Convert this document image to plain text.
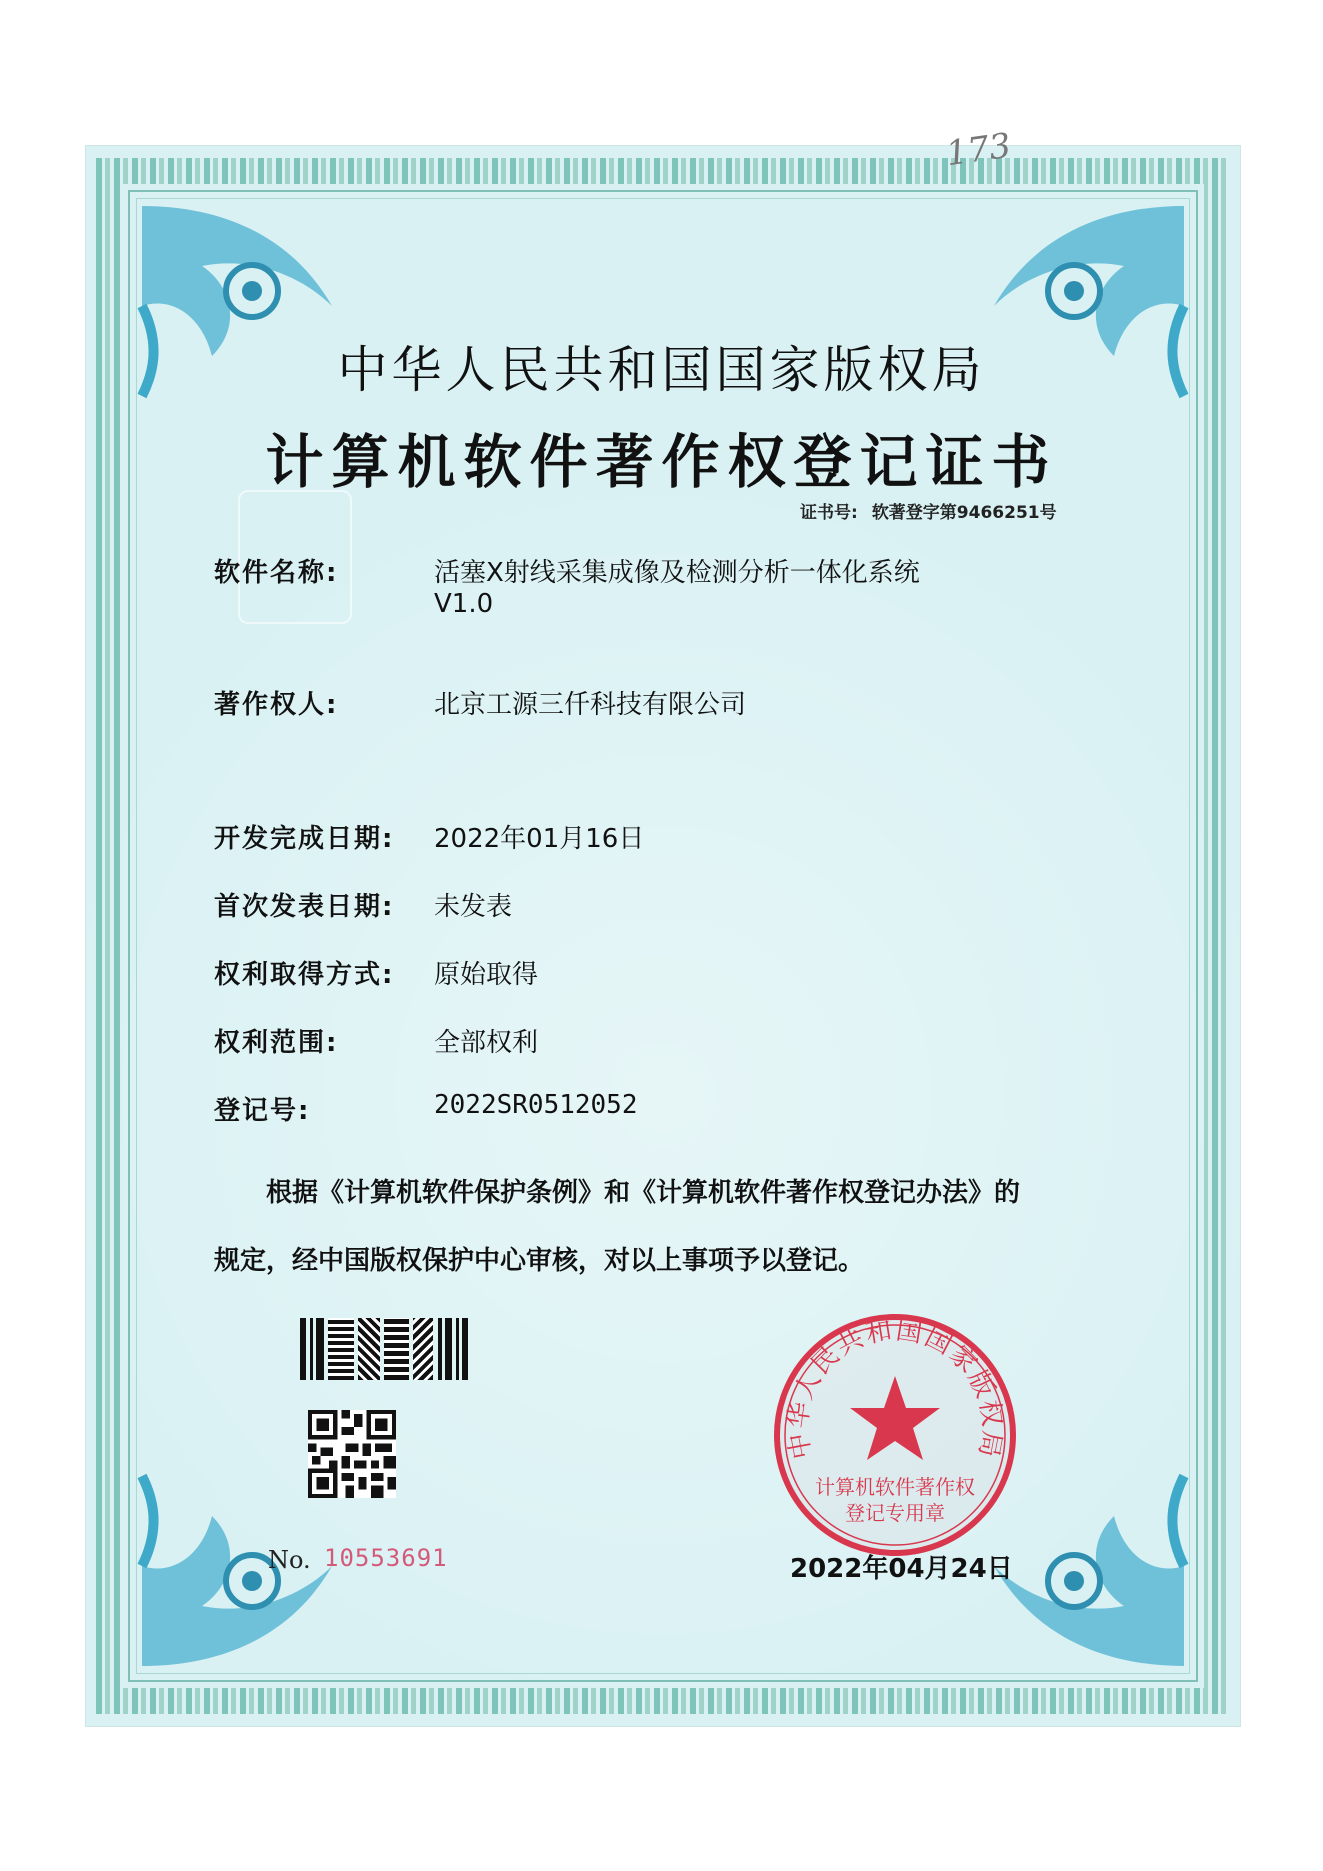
173
中华人民共和国国家版权局
计算机软件著作权登记证书
证书号: 软著登字第9466251号
软件名称:	活塞X射线采集成像及检测分析一体化系统
V1.0
著作权人:	北京工源三仟科技有限公司
开发完成日期: 2022年01月16日
首次发表日期: 未发表
权利取得方式: 原始取得
权利范围:	全部权利
登记号:	2022SR0512052

根据《计算机软件保护条例》和《计算机软件著作权登记办法》的

规定，经中国版权保护中心审核，对以上事项予以登记。

No. 10553691
中华人民共和国国家版权局
计算机软件著作权
登记专用章
2022年04月24日
